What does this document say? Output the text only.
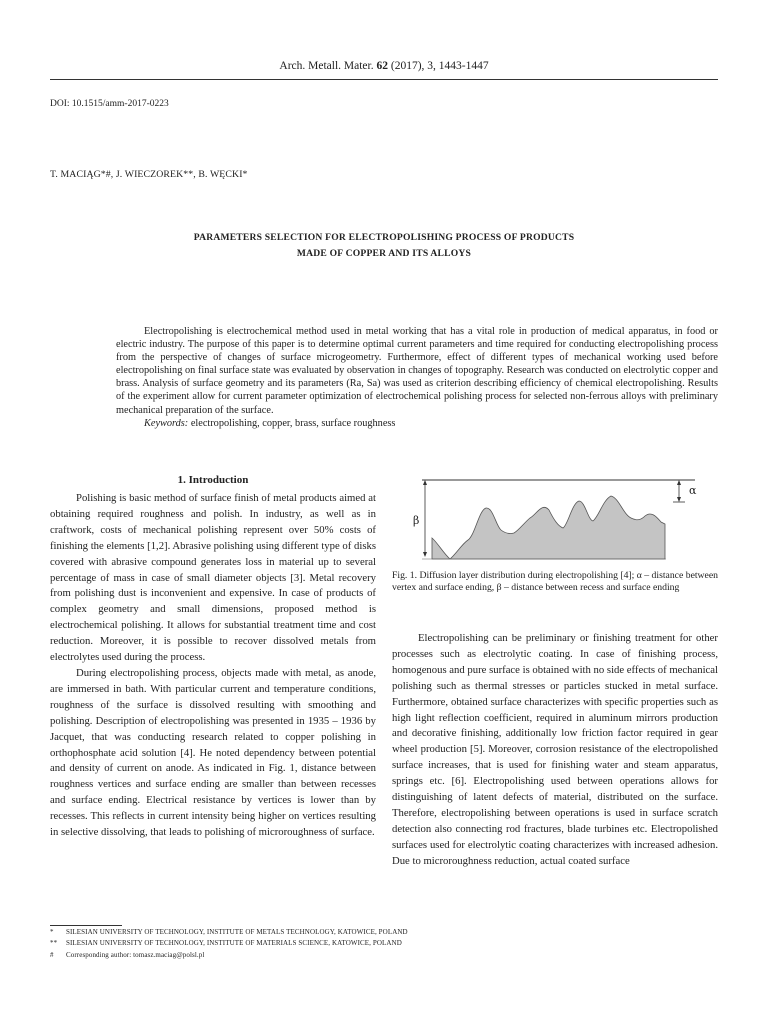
Arch. Metall. Mater. 62 (2017), 3, 1443-1447
DOI: 10.1515/amm-2017-0223
T. MACIĄG*#, J. WIECZOREK**, B. WĘCKI*
PARAMETERS SELECTION FOR ELECTROPOLISHING PROCESS OF PRODUCTS
MADE OF COPPER AND ITS ALLOYS

Electropolishing is electrochemical method used in metal working that has a vital role in production of medical apparatus, in food or electric industry. The purpose of this paper is to determine optimal current parameters and time required for conducting electropolishing process from the perspective of changes of surface microgeometry. Furthermore, effect of different types of mechanical working used before electropolishing on final surface state was evaluated by observation in changes of topography. Research was conducted on electrolytic copper and brass. Analysis of surface geometry and its parameters (Ra, Sa) was used as criterion describing efficiency of chemical electropolishing. Results of the experiment allow for current parameter optimization of electrochemical polishing process for selected non-ferrous alloys with preliminary mechanical preparation of the surface.

Keywords: electropolishing, copper, brass, surface roughness

1. Introduction

Polishing is basic method of surface finish of metal products aimed at obtaining required roughness and polish. In industry, as well as in craftwork, costs of mechanical polishing represent over 50% costs of finishing the elements [1,2]. Abrasive polishing using different type of disks covered with abrasive compound generates loss in material up to several percentage of mass in case of small diameter objects [3]. Metal recovery from polishing dust is inconvenient and expensive. In case of products of complex geometry and small dimensions, proposed method is electrochemical polishing. It allows for substantial treatment time and cost reduction. Moreover, it is possible to recover dissolved metals from electrolytes used during the process.

During electropolishing process, objects made with metal, as anode, are immersed in bath. With particular current and temperature conditions, roughness of the surface is dissolved resulting with smoothing and polishing. Description of electropolishing was presented in 1935 – 1936 by Jacquet, that was conducting research related to copper polishing in orthophosphate acid solution [4]. He noted dependency between potential and density of current on anode. As indicated in Fig. 1, distance between roughness vertices and surface ending are smaller than between recesses and surface ending. Electrical resistance by vertices is lower than by recesses. This reflects in current intensity being higher on vertices resulting in selective dissolving, that leads to polishing of microroughness of surface.

α
β
Fig. 1. Diffusion layer distribution during electropolishing [4]; α – distance between vertex and surface ending, β – distance between recess and surface ending

Electropolishing can be preliminary or finishing treatment for other processes such as electrolytic coating. In case of finishing process, homogenous and pure surface is obtained with no side effects of mechanical polishing such as thermal stresses or particles stucked in metal surface. Furthermore, obtained surface characterizes with specific properties such as high light reflection coefficient, required in aluminum mirrors production and decorative finishing, additionally low friction factor required in gear wheel production [5]. Moreover, corrosion resistance of the electropolished surface increases, that is used for finishing water and steam apparatus, springs etc. [6]. Electropolishing used between operations allows for distinguishing of latent defects of material, distributed on the surface. Therefore, electropolishing between operations is used in surface scratch detection also connecting rod fractures, blade turbines etc. Electropolished surfaces used for electrolytic coating characterizes with increased adhesion. Due to microroughness reduction, actual coated surface

* SILESIAN UNIVERSITY OF TECHNOLOGY, INSTITUTE OF METALS TECHNOLOGY, KATOWICE, POLAND
** SILESIAN UNIVERSITY OF TECHNOLOGY, INSTITUTE OF MATERIALS SCIENCE, KATOWICE, POLAND
# Corresponding author: tomasz.maciag@polsl.pl
